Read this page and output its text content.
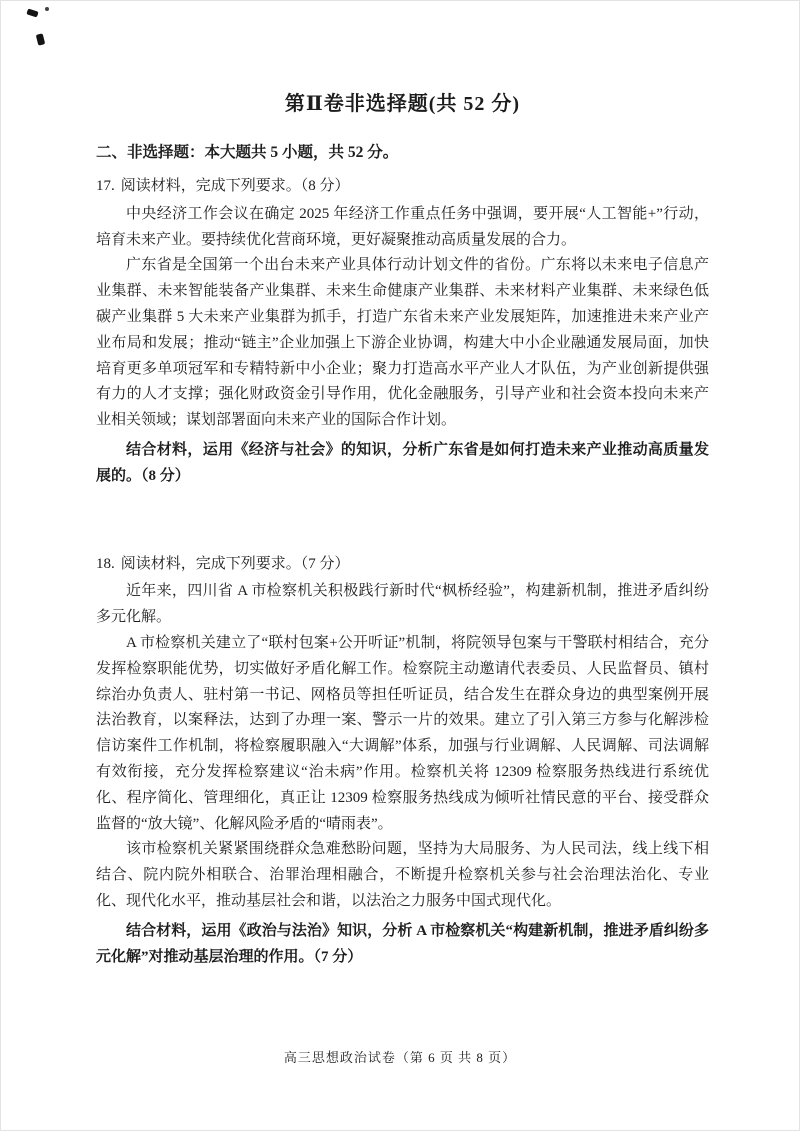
第Ⅱ卷非选择题(共 52 分)

二、非选择题：本大题共 5 小题，共 52 分。

17. 阅读材料，完成下列要求。（8 分）

中央经济工作会议在确定 2025 年经济工作重点任务中强调，要开展“人工智能+”行动，培育未来产业。要持续优化营商环境，更好凝聚推动高质量发展的合力。

广东省是全国第一个出台未来产业具体行动计划文件的省份。广东将以未来电子信息产业集群、未来智能装备产业集群、未来生命健康产业集群、未来材料产业集群、未来绿色低碳产业集群 5 大未来产业集群为抓手，打造广东省未来产业发展矩阵，加速推进未来产业产业布局和发展；推动“链主”企业加强上下游企业协调，构建大中小企业融通发展局面，加快培育更多单项冠军和专精特新中小企业；聚力打造高水平产业人才队伍，为产业创新提供强有力的人才支撑；强化财政资金引导作用，优化金融服务，引导产业和社会资本投向未来产业相关领域；谋划部署面向未来产业的国际合作计划。

结合材料，运用《经济与社会》的知识，分析广东省是如何打造未来产业推动高质量发展的。（8 分）

18. 阅读材料，完成下列要求。（7 分）

近年来，四川省 A 市检察机关积极践行新时代“枫桥经验”，构建新机制，推进矛盾纠纷多元化解。

A 市检察机关建立了“联村包案+公开听证”机制，将院领导包案与干警联村相结合，充分发挥检察职能优势，切实做好矛盾化解工作。检察院主动邀请代表委员、人民监督员、镇村综治办负责人、驻村第一书记、网格员等担任听证员，结合发生在群众身边的典型案例开展法治教育，以案释法，达到了办理一案、警示一片的效果。建立了引入第三方参与化解涉检信访案件工作机制，将检察履职融入“大调解”体系，加强与行业调解、人民调解、司法调解有效衔接，充分发挥检察建议“治未病”作用。检察机关将 12309 检察服务热线进行系统优化、程序简化、管理细化，真正让 12309 检察服务热线成为倾听社情民意的平台、接受群众监督的“放大镜”、化解风险矛盾的“晴雨表”。

该市检察机关紧紧围绕群众急难愁盼问题，坚持为大局服务、为人民司法，线上线下相结合、院内院外相联合、治罪治理相融合，不断提升检察机关参与社会治理法治化、专业化、现代化水平，推动基层社会和谐，以法治之力服务中国式现代化。

结合材料，运用《政治与法治》知识，分析 A 市检察机关“构建新机制，推进矛盾纠纷多元化解”对推动基层治理的作用。（7 分）

高三思想政治试卷（第 6 页 共 8 页）
